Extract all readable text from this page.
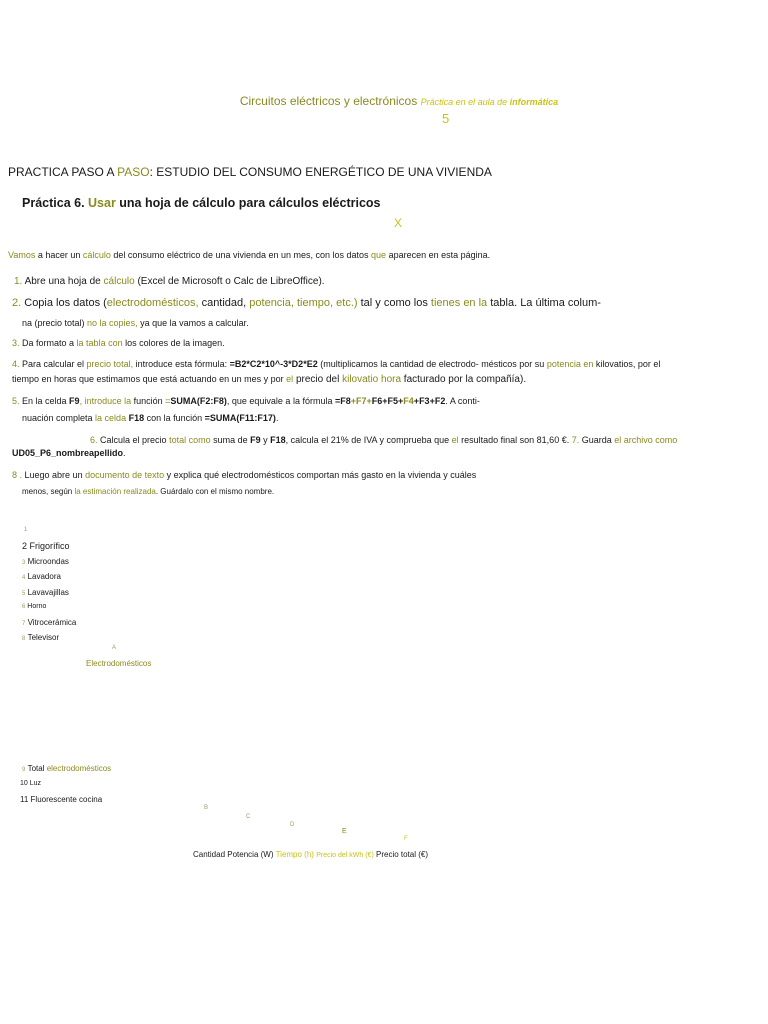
Circuitos eléctricos y electrónicos Práctica en el aula de informática
5
PRACTICA PASO A PASO: ESTUDIO DEL CONSUMO ENERGÉTICO DE UNA VIVIENDA
Práctica 6. Usar una hoja de cálculo para cálculos eléctricos
X
Vamos a hacer un cálculo del consumo eléctrico de una vivienda en un mes, con los datos que aparecen en esta página.
1. Abre una hoja de cálculo (Excel de Microsoft o Calc de LibreOffice).
2. Copia los datos (electrodomésticos, cantidad, potencia, tiempo, etc.) tal y como los tienes en la tabla. La última colum-
na (precio total) no la copies, ya que la vamos a calcular.
3. Da formato a la tabla con los colores de la imagen.
4. Para calcular el precio total, introduce esta fórmula: =B2*C2*10^-3*D2*E2 (multiplicamos la cantidad de electrodo- mésticos por su potencia en kilovatios, por el
tiempo en horas que estimamos que está actuando en un mes y por el precio del kilovatio hora facturado por la compañía).
5. En la celda F9, introduce la función =SUMA(F2:F8), que equivale a la fórmula =F8+F7+F6+F5+F4+F3+F2. A conti-
nuación completa la celda F18 con la función =SUMA(F11:F17).
6. Calcula el precio total como suma de F9 y F18, calcula el 21% de IVA y comprueba que el resultado final son 81,60 €. 7. Guarda el archivo como
UD05_P6_nombreapellido.
8 . Luego abre un documento de texto y explica qué electrodomésticos comportan más gasto en la vivienda y cuáles
menos, según la estimación realizada. Guárdalo con el mismo nombre.
1
2 Frigorífico
3 Microondas
4 Lavadora
5 Lavavajillas
6 Horno
7 Vitrocerámica
8 Televisor
A
Electrodomésticos
9 Total electrodomésticos
10 Luz
11 Fluorescente cocina
B
C
D
E
F
Cantidad Potencia (W) Tiempo (h) Precio del kWh (€) Precio total (€)
